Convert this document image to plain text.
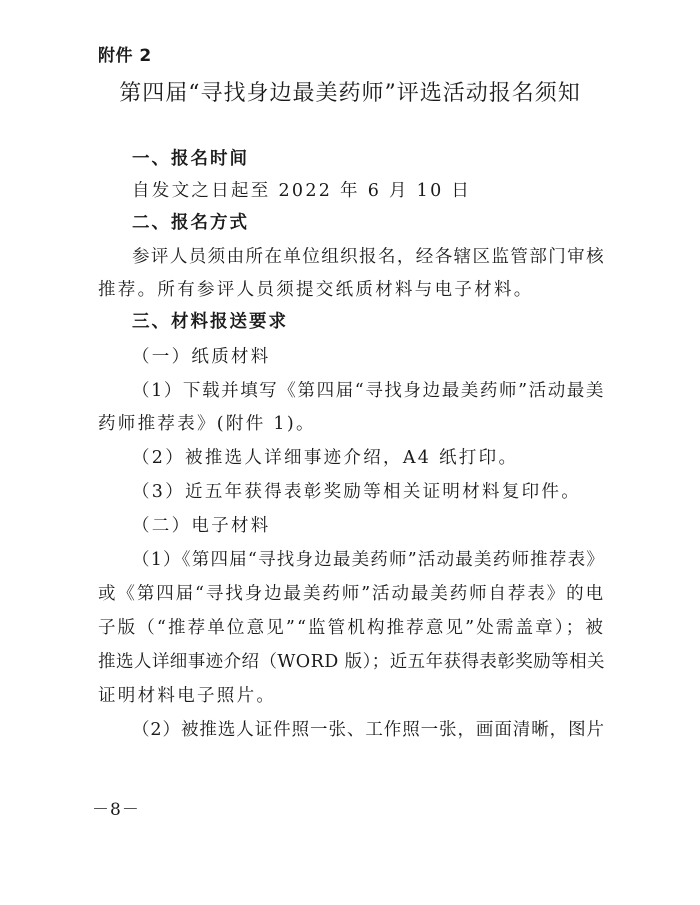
附件 2
第四届“寻找身边最美药师”评选活动报名须知
一、报名时间
自发文之日起至 2022 年 6 月 10 日
二、报名方式
参评人员须由所在单位组织报名，经各辖区监管部门审核
推荐。所有参评人员须提交纸质材料与电子材料。
三、材料报送要求
（一）纸质材料
（1）下载并填写《第四届“寻找身边最美药师”活动最美
药师推荐表》(附件 1)。
（2）被推选人详细事迹介绍，A4 纸打印。
（3）近五年获得表彰奖励等相关证明材料复印件。
（二）电子材料
（1）《第四届“寻找身边最美药师”活动最美药师推荐表》
或《第四届“寻找身边最美药师”活动最美药师自荐表》的电
子版（“推荐单位意见”“监管机构推荐意见”处需盖章）；被
推选人详细事迹介绍（WORD 版）；近五年获得表彰奖励等相关
证明材料电子照片。
（2）被推选人证件照一张、工作照一张，画面清晰，图片
－8－
